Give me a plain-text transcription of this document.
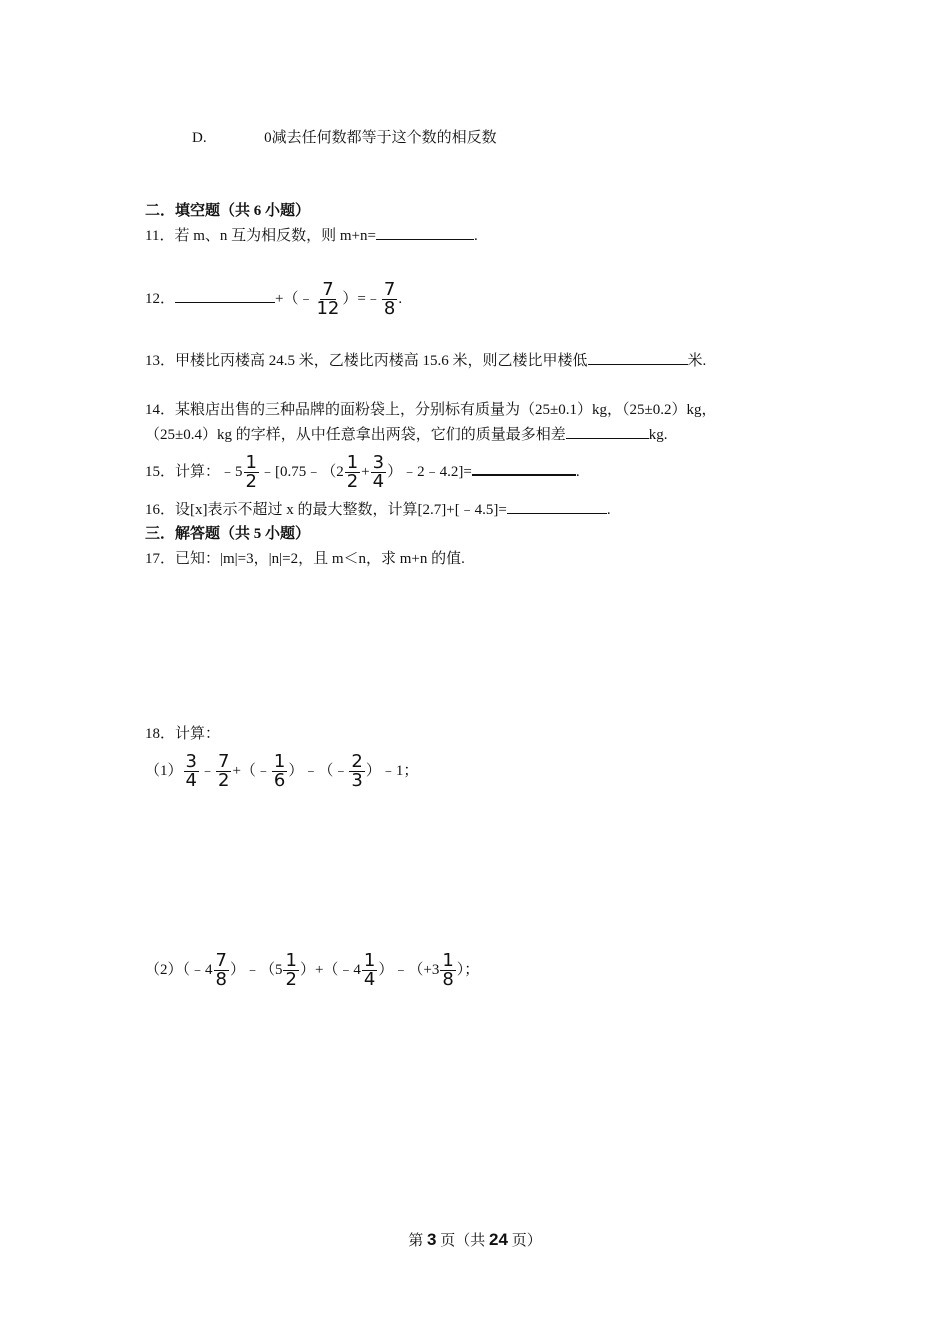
D.	0减去任何数都等于这个数的相反数
二．填空题（共 6 小题）
11．若 m、n 互为相反数，则 m+n=	.
12．	+（﹣ $\frac{7}{12}$ ）=﹣ $\frac{7}{8}$ .
13．甲楼比丙楼高 24.5 米，乙楼比丙楼高 15.6 米，则乙楼比甲楼低	米.
14．某粮店出售的三种品牌的面粉袋上，分别标有质量为（25±0.1）kg，（25±0.2）kg，
（25±0.4）kg 的字样，从中任意拿出两袋，它们的质量最多相差	kg.
15．计算：﹣5 $\frac{1}{2}$ ﹣[0.75﹣（2 $\frac{1}{2} + \frac{3}{4}$ ）﹣2﹣4.2]=	.
16．设[x]表示不超过 x 的最大整数，计算[2.7]+[﹣4.5]=	.
三．解答题（共 5 小题）
17．已知：|m|=3，|n|=2，且 m＜n，求 m+n 的值.
18．计算：
$(1) \frac{3}{4}$ ﹣ $\frac{7}{2}$ +（﹣ $\frac{1}{6}$ ）﹣（﹣ $\frac{2}{3}$ ）﹣1；
（2）（﹣4 $\frac{7}{8}$ ）﹣（5 $\frac{1}{2}$ ）+（﹣4 $\frac{1}{4}$ ）﹣（+3 $\frac{1}{8}$ ）；
第 3 页（共 24 页）
